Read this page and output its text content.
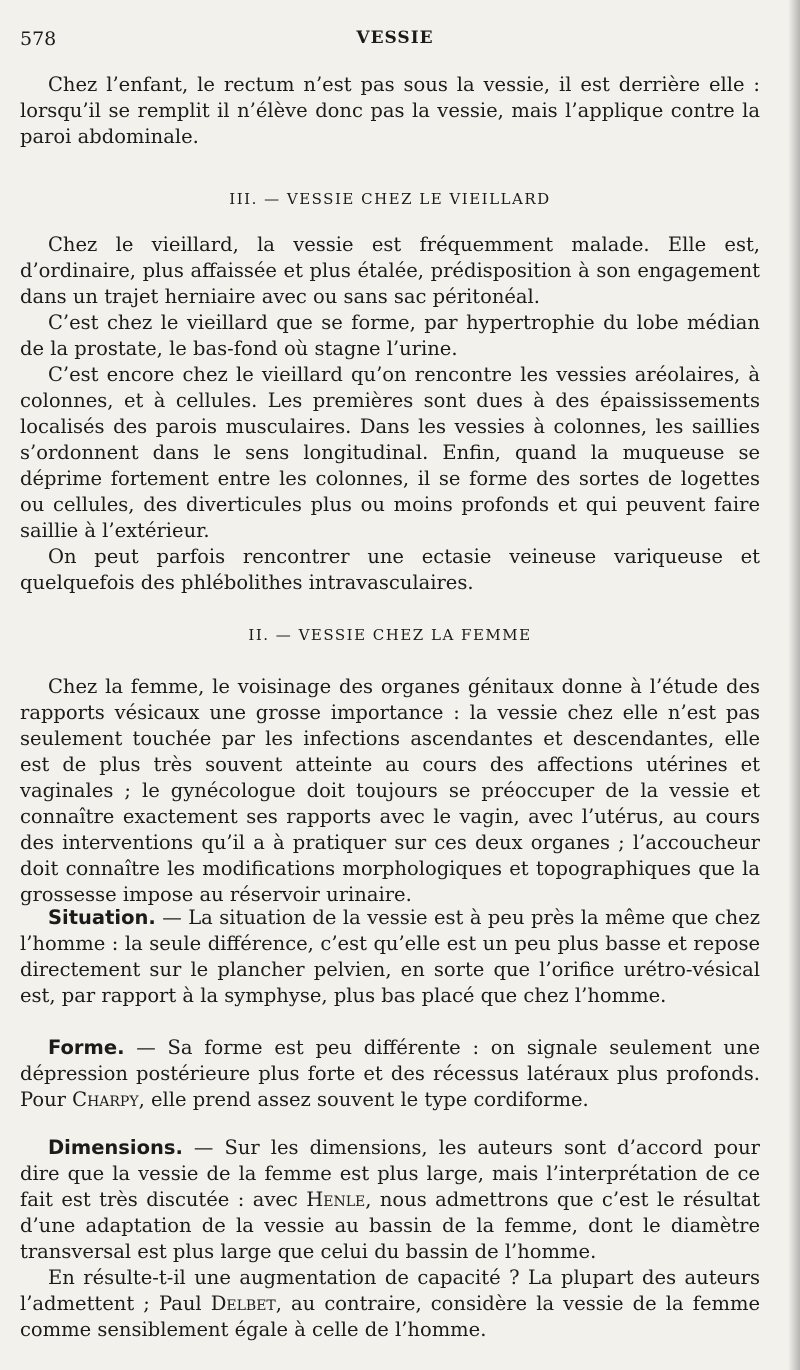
578	VESSIE

Chez l’enfant, le rectum n’est pas sous la vessie, il est derrière elle : lorsqu’il se remplit il n’élève donc pas la vessie, mais l’applique contre la paroi abdominale.

III. — VESSIE CHEZ LE VIEILLARD

Chez le vieillard, la vessie est fréquemment malade. Elle est, d’ordinaire, plus affaissée et plus étalée, prédisposition à son engagement dans un trajet herniaire avec ou sans sac péritonéal.

C’est chez le vieillard que se forme, par hypertrophie du lobe médian de la prostate, le bas-fond où stagne l’urine.

C’est encore chez le vieillard qu’on rencontre les vessies aréolaires, à colonnes, et à cellules. Les premières sont dues à des épaississements localisés des parois musculaires. Dans les vessies à colonnes, les saillies s’ordonnent dans le sens longitudinal. Enfin, quand la muqueuse se déprime fortement entre les colonnes, il se forme des sortes de logettes ou cellules, des diverticules plus ou moins profonds et qui peuvent faire saillie à l’extérieur.

On peut parfois rencontrer une ectasie veineuse variqueuse et quelquefois des phlébolithes intravasculaires.

II. — VESSIE CHEZ LA FEMME

Chez la femme, le voisinage des organes génitaux donne à l’étude des rapports vésicaux une grosse importance : la vessie chez elle n’est pas seulement touchée par les infections ascendantes et descendantes, elle est de plus très souvent atteinte au cours des affections utérines et vaginales ; le gynécologue doit toujours se préoccuper de la vessie et connaître exactement ses rapports avec le vagin, avec l’utérus, au cours des interventions qu’il a à pratiquer sur ces deux organes ; l’accoucheur doit connaître les modifications morphologiques et topographiques que la grossesse impose au réservoir urinaire.

Situation. — La situation de la vessie est à peu près la même que chez l’homme : la seule différence, c’est qu’elle est un peu plus basse et repose directement sur le plancher pelvien, en sorte que l’orifice urétro-vésical est, par rapport à la symphyse, plus bas placé que chez l’homme.

Forme. — Sa forme est peu différente : on signale seulement une dépression postérieure plus forte et des récessus latéraux plus profonds. Pour Charpy, elle prend assez souvent le type cordiforme.

Dimensions. — Sur les dimensions, les auteurs sont d’accord pour dire que la vessie de la femme est plus large, mais l’interprétation de ce fait est très discutée : avec Henle, nous admettrons que c’est le résultat d’une adaptation de la vessie au bassin de la femme, dont le diamètre transversal est plus large que celui du bassin de l’homme.

En résulte-t-il une augmentation de capacité ? La plupart des auteurs l’admettent ; Paul Delbet, au contraire, considère la vessie de la femme comme sensiblement égale à celle de l’homme.
